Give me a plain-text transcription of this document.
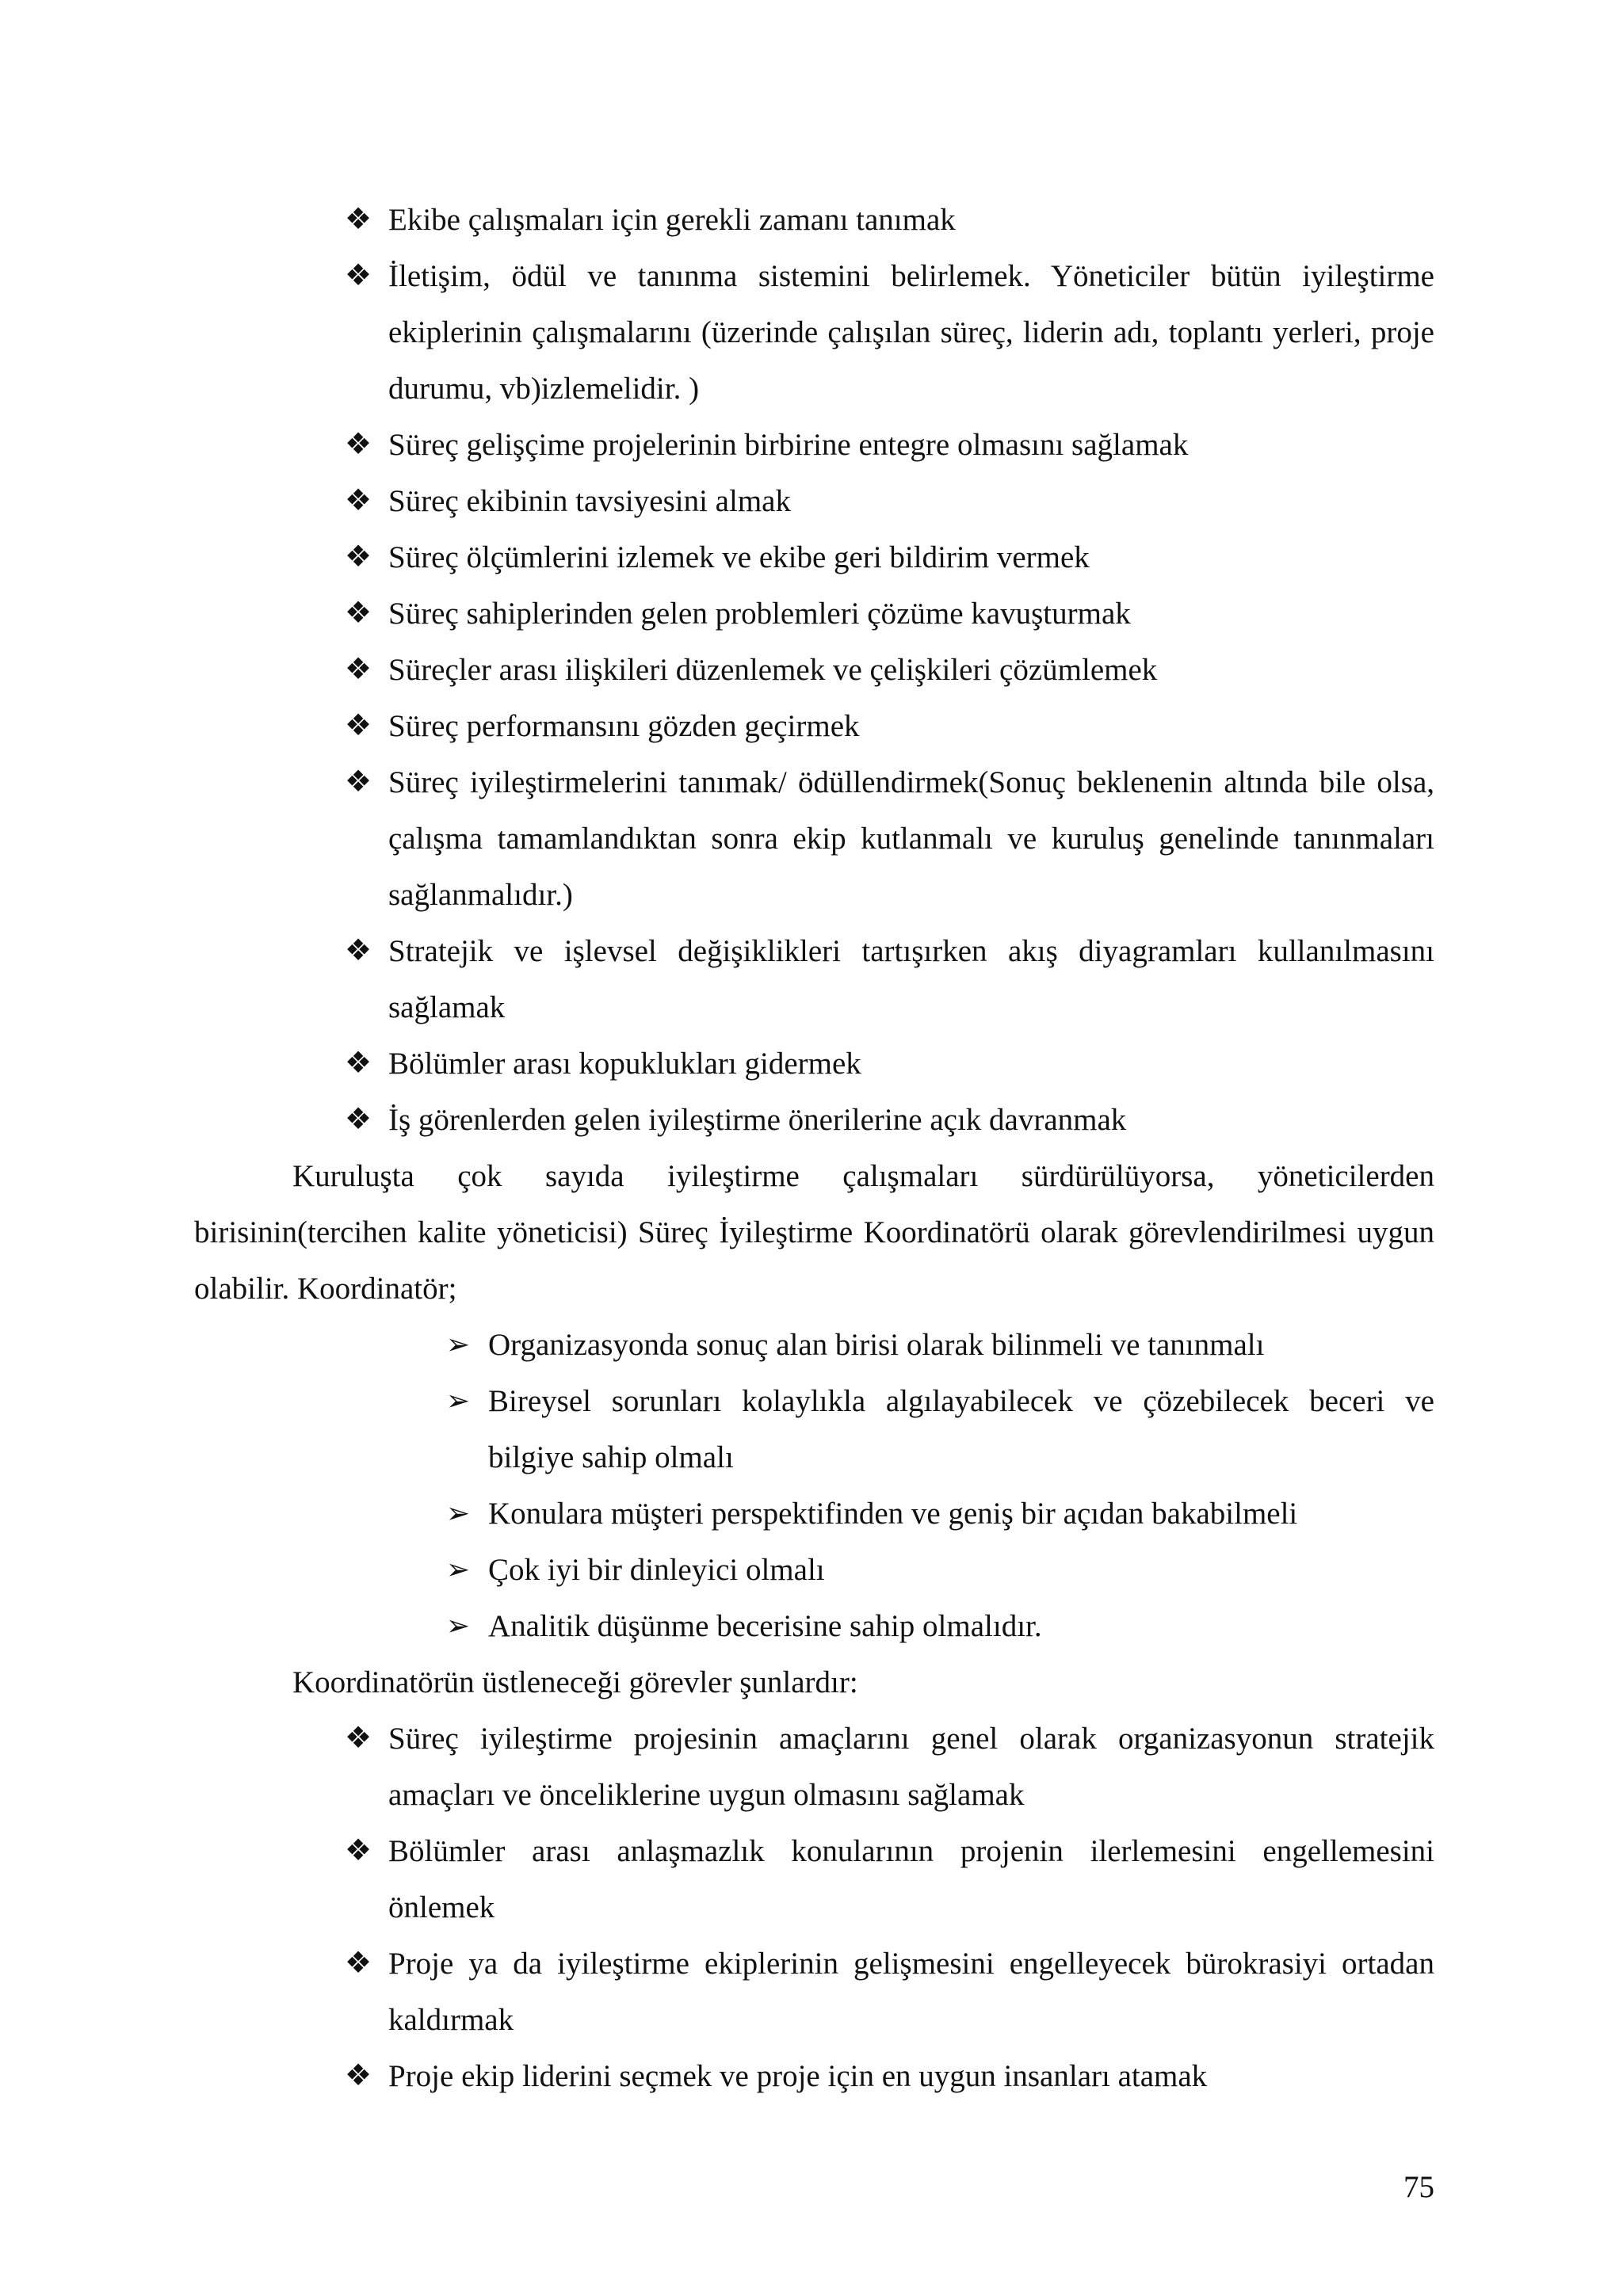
❖ Ekibe çalışmaları için gerekli zamanı tanımak
❖ İletişim, ödül ve tanınma sistemini belirlemek. Yöneticiler bütün iyileştirme ekiplerinin çalışmalarını (üzerinde çalışılan süreç, liderin adı, toplantı yerleri, proje durumu, vb)izlemelidir. )
❖ Süreç gelişçime projelerinin birbirine entegre olmasını sağlamak
❖ Süreç ekibinin tavsiyesini almak
❖ Süreç ölçümlerini izlemek ve ekibe geri bildirim vermek
❖ Süreç sahiplerinden gelen problemleri çözüme kavuşturmak
❖ Süreçler arası ilişkileri düzenlemek ve çelişkileri çözümlemek
❖ Süreç performansını gözden geçirmek
❖ Süreç iyileştirmelerini tanımak/ ödüllendirmek(Sonuç beklenenin altında bile olsa, çalışma tamamlandıktan sonra ekip kutlanmalı ve kuruluş genelinde tanınmaları sağlanmalıdır.)
❖ Stratejik ve işlevsel değişiklikleri tartışırken akış diyagramları kullanılmasını sağlamak
❖ Bölümler arası kopuklukları gidermek
❖ İş görenlerden gelen iyileştirme önerilerine açık davranmak

Kuruluşta çok sayıda iyileştirme çalışmaları sürdürülüyorsa, yöneticilerden birisinin(tercihen kalite yöneticisi) Süreç İyileştirme Koordinatörü olarak görevlendirilmesi uygun olabilir. Koordinatör;

➢ Organizasyonda sonuç alan birisi olarak bilinmeli ve tanınmalı
➢ Bireysel sorunları kolaylıkla algılayabilecek ve çözebilecek beceri ve bilgiye sahip olmalı
➢ Konulara müşteri perspektifinden ve geniş bir açıdan bakabilmeli
➢ Çok iyi bir dinleyici olmalı
➢ Analitik düşünme becerisine sahip olmalıdır.

Koordinatörün üstleneceği görevler şunlardır:

❖ Süreç iyileştirme projesinin amaçlarını genel olarak organizasyonun stratejik amaçları ve önceliklerine uygun olmasını sağlamak
❖ Bölümler arası anlaşmazlık konularının projenin ilerlemesini engellemesini önlemek
❖ Proje ya da iyileştirme ekiplerinin gelişmesini engelleyecek bürokrasiyi ortadan kaldırmak
❖ Proje ekip liderini seçmek ve proje için en uygun insanları atamak
75
